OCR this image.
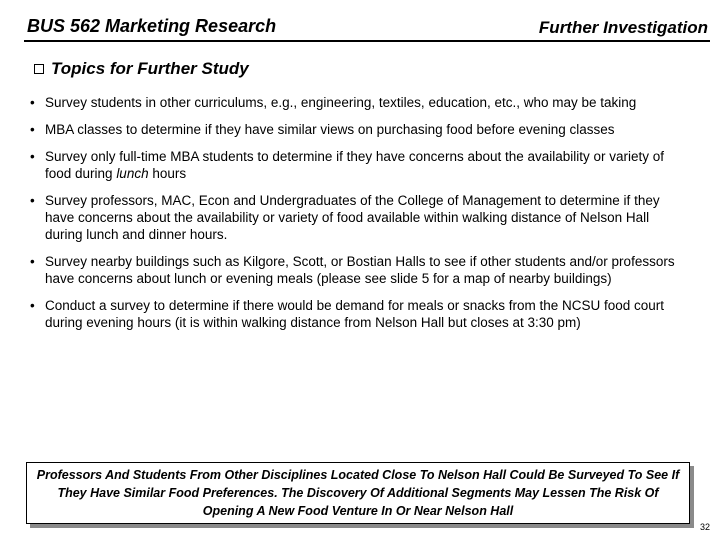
BUS 562 Marketing Research	Further Investigation
Topics for Further Study
• Survey students in other curriculums, e.g., engineering, textiles, education, etc., who may be taking
• MBA classes to determine if they have similar views on purchasing food before evening classes
• Survey only full-time MBA students to determine if they have concerns about the availability or variety of food during lunch hours
• Survey professors, MAC, Econ and Undergraduates of the College of Management to determine if they have concerns about the availability or variety of food available within walking distance of Nelson Hall during lunch and dinner hours.
• Survey nearby buildings such as Kilgore, Scott, or Bostian Halls to see if other students and/or professors have concerns about lunch or evening meals (please see slide 5 for a map of nearby buildings)
• Conduct a survey to determine if there would be demand for meals or snacks from the NCSU food court during evening hours (it is within walking distance from Nelson Hall but closes at 3:30 pm)
Professors And Students From Other Disciplines Located Close To Nelson Hall Could Be Surveyed To See If They Have Similar Food Preferences. The Discovery Of Additional Segments May Lessen The Risk Of Opening A New Food Venture In Or Near Nelson Hall
32
